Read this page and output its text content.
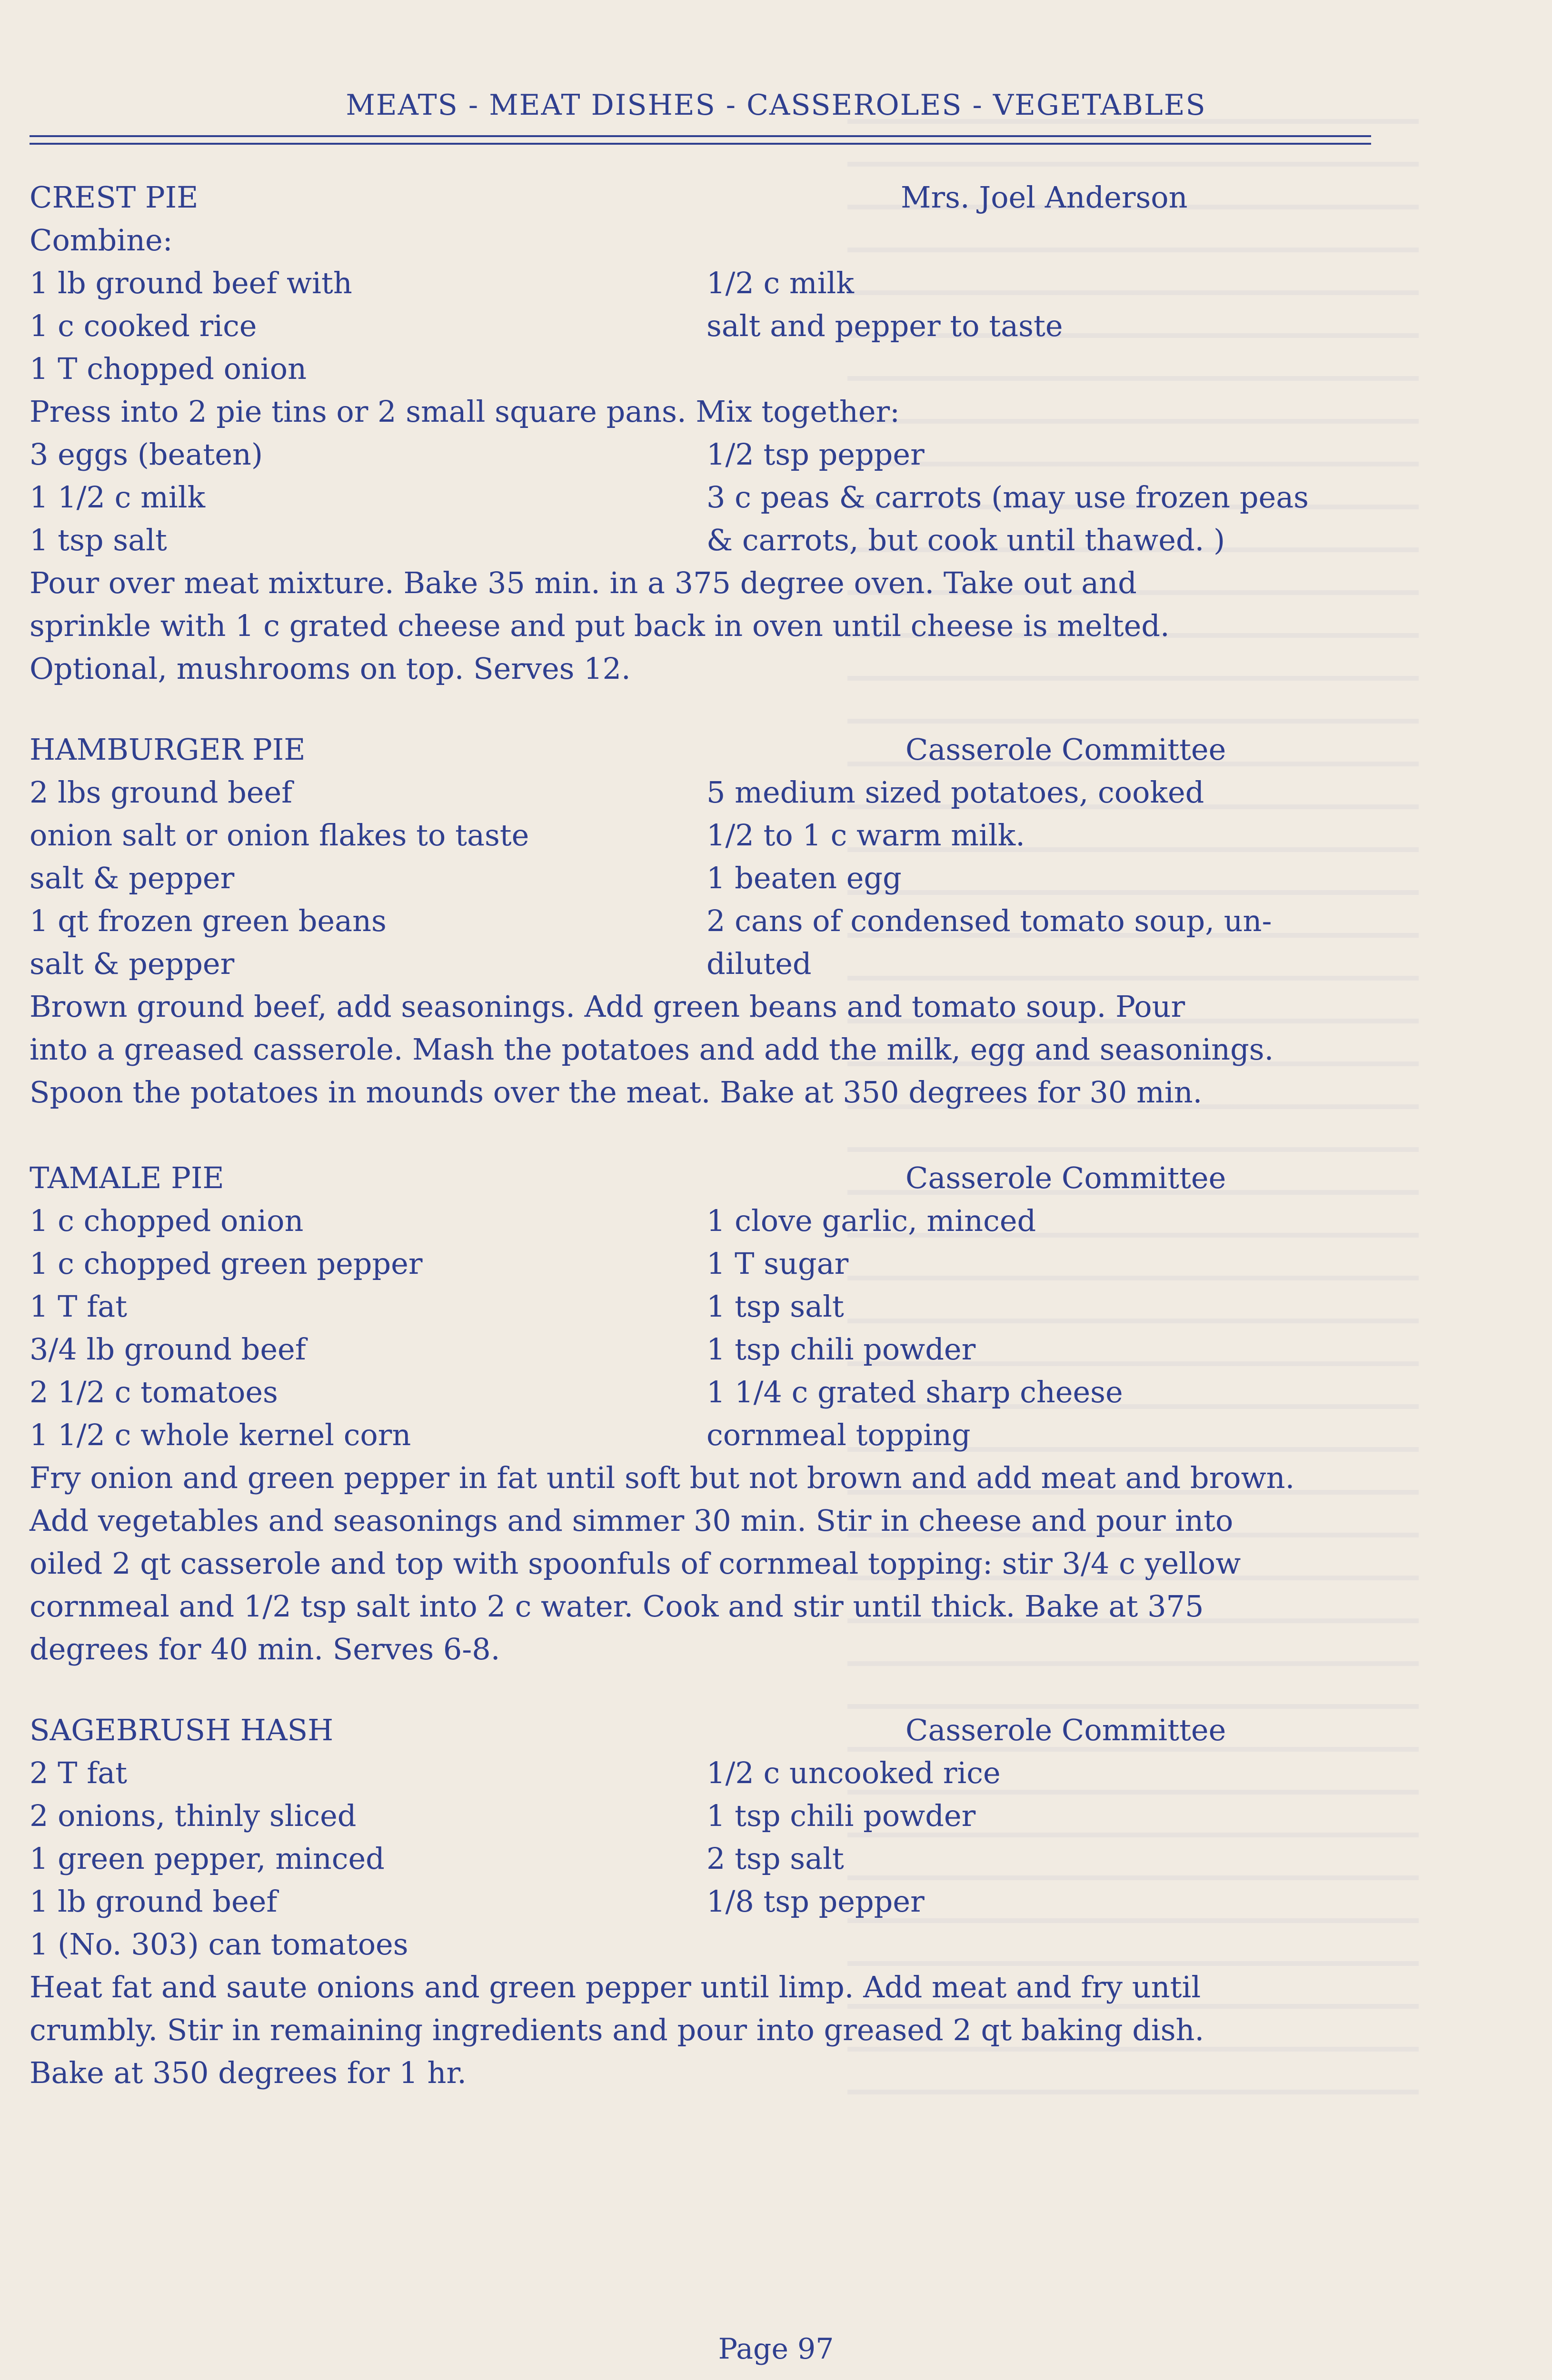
MEATS - MEAT DISHES - CASSEROLES - VEGETABLES
CREST PIE	Mrs. Joel Anderson
Combine:
1 lb ground beef with	1/2 c milk
1 c cooked rice	salt and pepper to taste
1 T chopped onion
Press into 2 pie tins or 2 small square pans. Mix together:
3 eggs (beaten)	1/2 tsp pepper
1 1/2 c milk	3 c peas & carrots (may use frozen peas
1 tsp salt	& carrots, but cook until thawed. )
Pour over meat mixture. Bake 35 min. in a 375 degree oven. Take out and
sprinkle with 1 c grated cheese and put back in oven until cheese is melted.
Optional, mushrooms on top. Serves 12.
HAMBURGER PIE	Casserole Committee
2 lbs ground beef	5 medium sized potatoes, cooked
onion salt or onion flakes to taste	1/2 to 1 c warm milk.
salt & pepper	1 beaten egg
1 qt frozen green beans	2 cans of condensed tomato soup, un-
salt & pepper	diluted
Brown ground beef, add seasonings. Add green beans and tomato soup. Pour
into a greased casserole. Mash the potatoes and add the milk, egg and seasonings.
Spoon the potatoes in mounds over the meat. Bake at 350 degrees for 30 min.
TAMALE PIE	Casserole Committee
1 c chopped onion	1 clove garlic, minced
1 c chopped green pepper	1 T sugar
1 T fat	1 tsp salt
3/4 lb ground beef	1 tsp chili powder
2 1/2 c tomatoes	1 1/4 c grated sharp cheese
1 1/2 c whole kernel corn	cornmeal topping
Fry onion and green pepper in fat until soft but not brown and add meat and brown.
Add vegetables and seasonings and simmer 30 min. Stir in cheese and pour into
oiled 2 qt casserole and top with spoonfuls of cornmeal topping: stir 3/4 c yellow
cornmeal and 1/2 tsp salt into 2 c water. Cook and stir until thick. Bake at 375
degrees for 40 min. Serves 6-8.
SAGEBRUSH HASH	Casserole Committee
2 T fat	1/2 c uncooked rice
2 onions, thinly sliced	1 tsp chili powder
1 green pepper, minced	2 tsp salt
1 lb ground beef	1/8 tsp pepper
1 (No. 303) can tomatoes
Heat fat and saute onions and green pepper until limp. Add meat and fry until
crumbly. Stir in remaining ingredients and pour into greased 2 qt baking dish.
Bake at 350 degrees for 1 hr.
Page 97
